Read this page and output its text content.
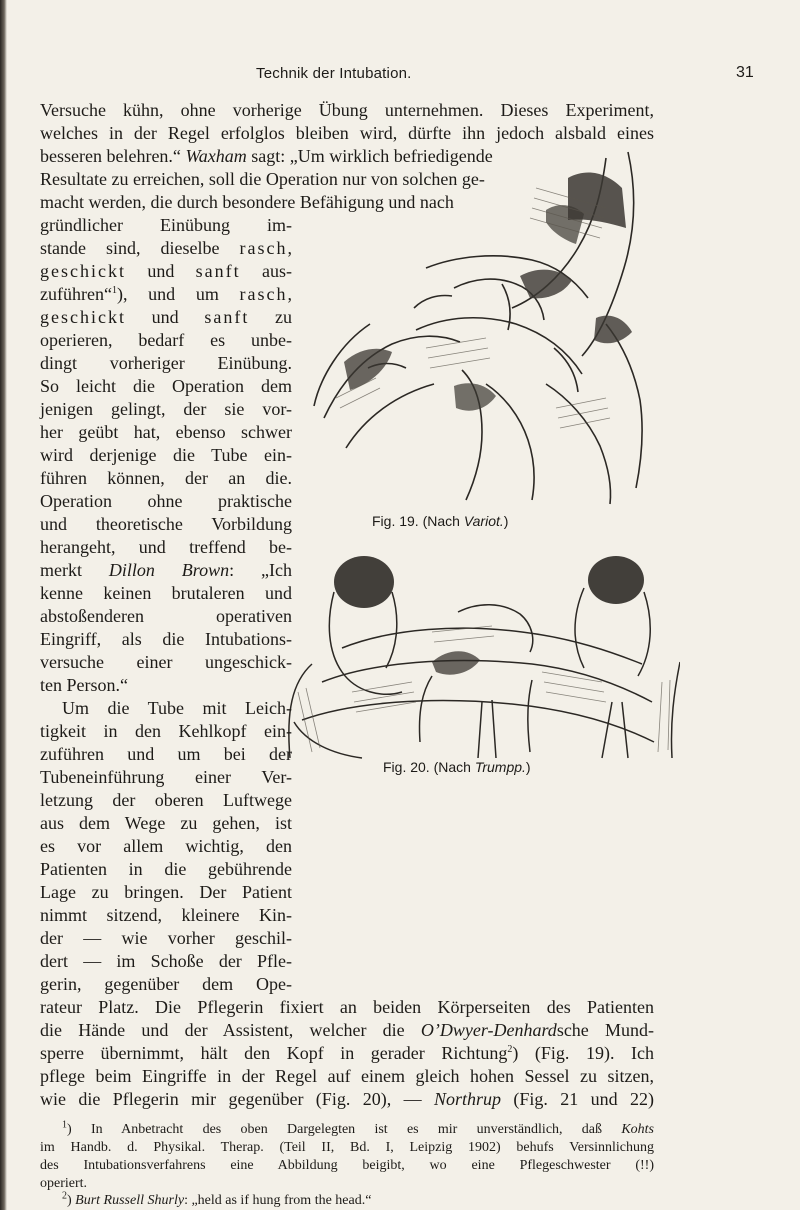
Technik der Intubation.	31
Fig. 19. (Nach Variot.)
Fig. 20. (Nach Trumpp.)
Versuche kühn, ohne vorherige Übung unternehmen. Dieses Experiment,
welches in der Regel erfolglos bleiben wird, dürfte ihn jedoch alsbald eines
besseren belehren.“ Waxham sagt: „Um wirklich befriedigende
Resultate zu erreichen, soll die Operation nur von solchen ge-
macht werden, die durch besondere Befähigung und nach
gründlicher Einübung im-
stande sind, dieselbe rasch,
geschickt und sanft aus-
zuführen“$^1$), und um rasch,
geschickt und sanft zu
operieren, bedarf es unbe-
dingt vorheriger Einübung.
So leicht die Operation dem
jenigen gelingt, der sie vor-
her geübt hat, ebenso schwer
wird derjenige die Tube ein-
führen können, der an die.
Operation ohne praktische
und theoretische Vorbildung
herangeht, und treffend be-
merkt Dillon Brown: „Ich
kenne keinen brutaleren und
abstoßenderen operativen
Eingriff, als die Intubations-
versuche einer ungeschick-
ten Person.“
Um die Tube mit Leich-
tigkeit in den Kehlkopf ein-
zuführen und um bei der
Tubeneinführung einer Ver-
letzung der oberen Luftwege
aus dem Wege zu gehen, ist
es vor allem wichtig, den
Patienten in die gebührende
Lage zu bringen. Der Patient
nimmt sitzend, kleinere Kin-
der — wie vorher geschil-
dert — im Schoße der Pfle-
gerin, gegenüber dem Ope-
rateur Platz. Die Pflegerin fixiert an beiden Körperseiten des Patienten
die Hände und der Assistent, welcher die O’Dwyer-Denhardsche Mund-
sperre übernimmt, hält den Kopf in gerader Richtung$^2$) (Fig. 19). Ich
pflege beim Eingriffe in der Regel auf einem gleich hohen Sessel zu sitzen,
wie die Pflegerin mir gegenüber (Fig. 20), — Northrup (Fig. 21 und 22)
$^1$) In Anbetracht des oben Dargelegten ist es mir unverständlich, daß Kohts
im Handb. d. Physikal. Therap. (Teil II, Bd. I, Leipzig 1902) behufs Versinnlichung
des Intubationsverfahrens eine Abbildung beigibt, wo eine Pflegeschwester (!!)
operiert.
$^2$) Burt Russell Shurly: „held as if hung from the head.“
